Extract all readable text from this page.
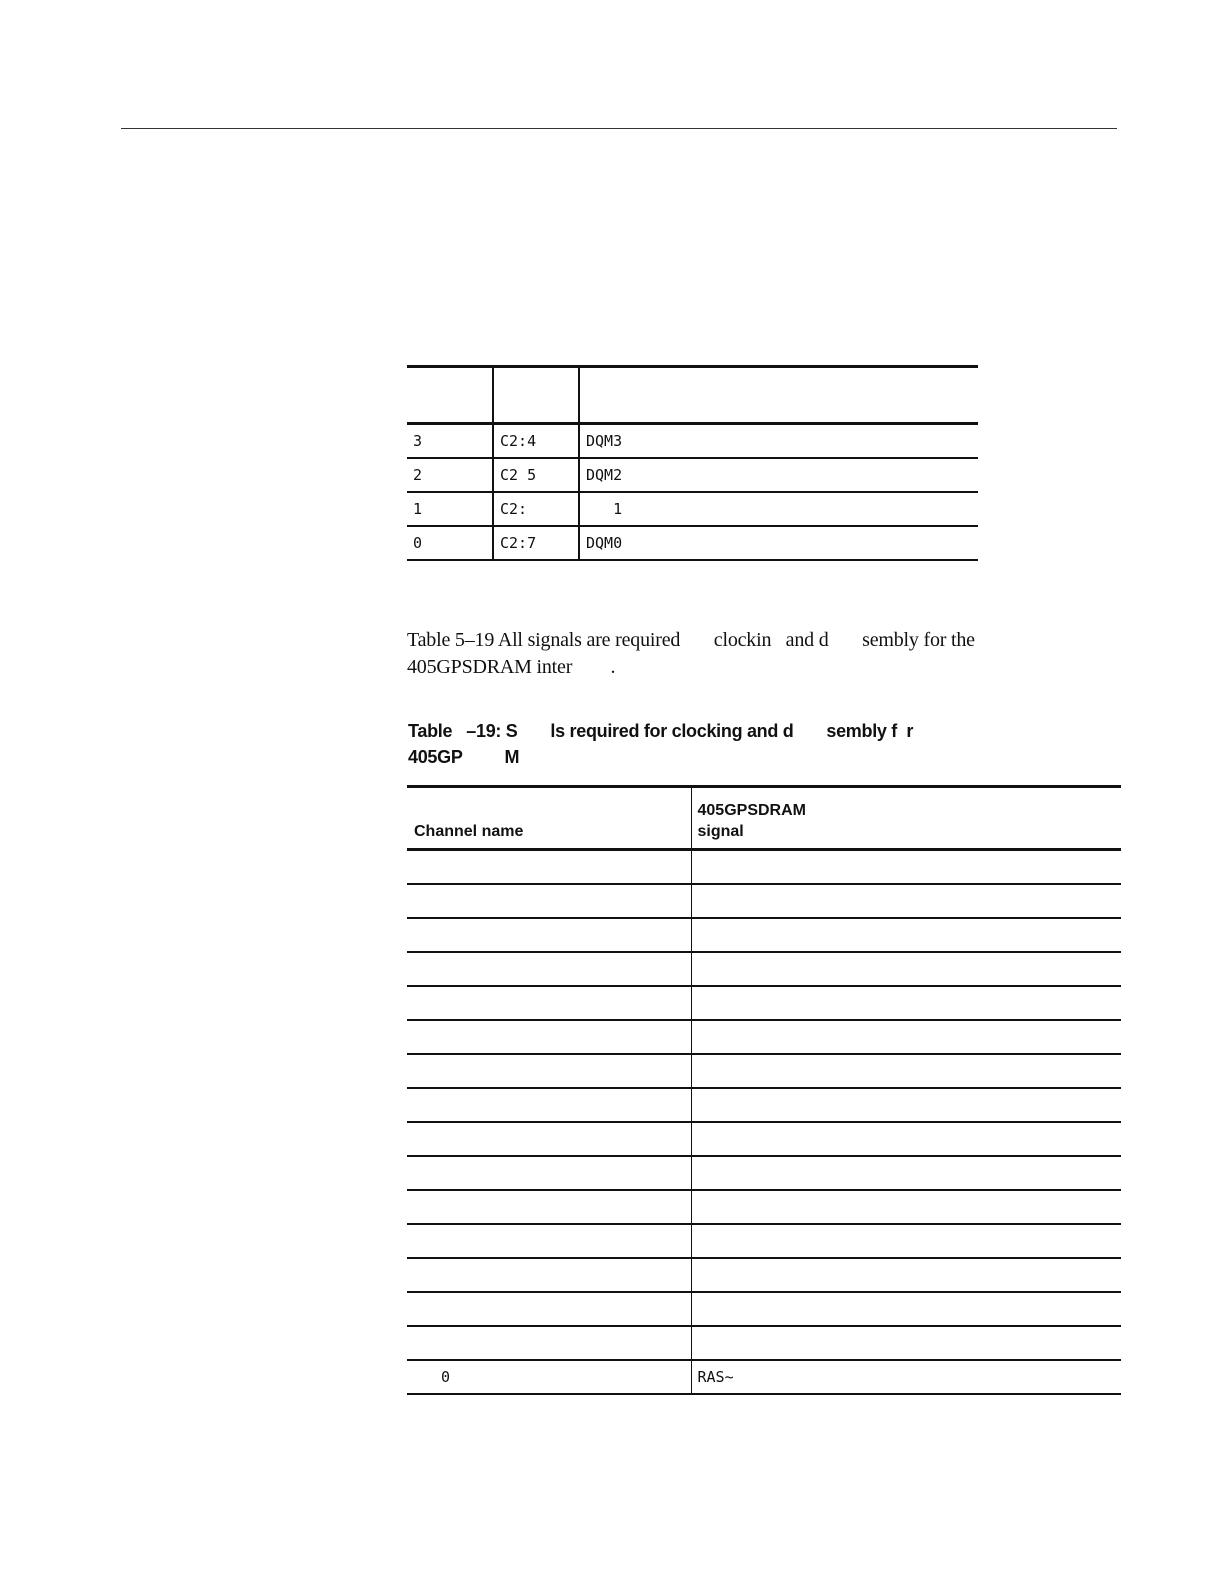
3	C2:4	DQM3
2	C2 5	DQM2
1	C2:	1
0	C2:7	DQM0
Table 5–19 All signals are required       clockin   and d       sembly for the
405GPSDRAM inter        .
Table   –19: S       ls required for clocking and d       sembly f  r
405GP         M
Channel name	405GPSDRAM
signal

0	RAS~
